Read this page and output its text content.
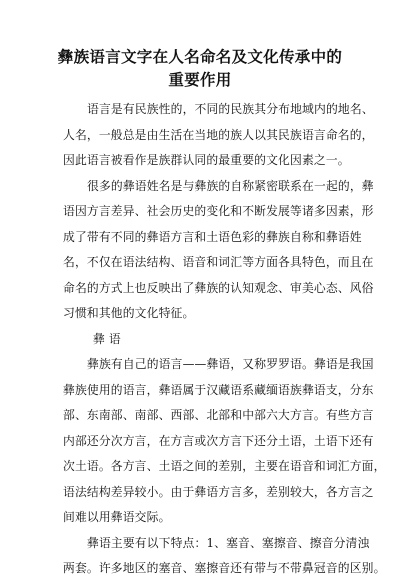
彝族语言文字在人名命名及文化传承中的
重要作用
语言是有民族性的，不同的民族其分布地域内的地名、
人名，一般总是由生活在当地的族人以其民族语言命名的，
因此语言被看作是族群认同的最重要的文化因素之一。
很多的彝语姓名是与彝族的自称紧密联系在一起的，彝
语因方言差异、社会历史的变化和不断发展等诸多因素，形
成了带有不同的彝语方言和土语色彩的彝族自称和彝语姓
名，不仅在语法结构、语音和词汇等方面各具特色，而且在
命名的方式上也反映出了彝族的认知观念、审美心态、风俗
习惯和其他的文化特征。
彝 语
彝族有自己的语言——彝语，又称罗罗语。彝语是我国
彝族使用的语言，彝语属于汉藏语系藏缅语族彝语支，分东
部、东南部、南部、西部、北部和中部六大方言。有些方言
内部还分次方言，在方言或次方言下还分土语，土语下还有
次土语。各方言、土语之间的差别，主要在语音和词汇方面，
语法结构差异较小。由于彝语方言多，差别较大，各方言之
间难以用彝语交际。
彝语主要有以下特点：1、塞音、塞擦音、擦音分清浊
两套。许多地区的塞音、塞擦音还有带与不带鼻冠音的区别。
